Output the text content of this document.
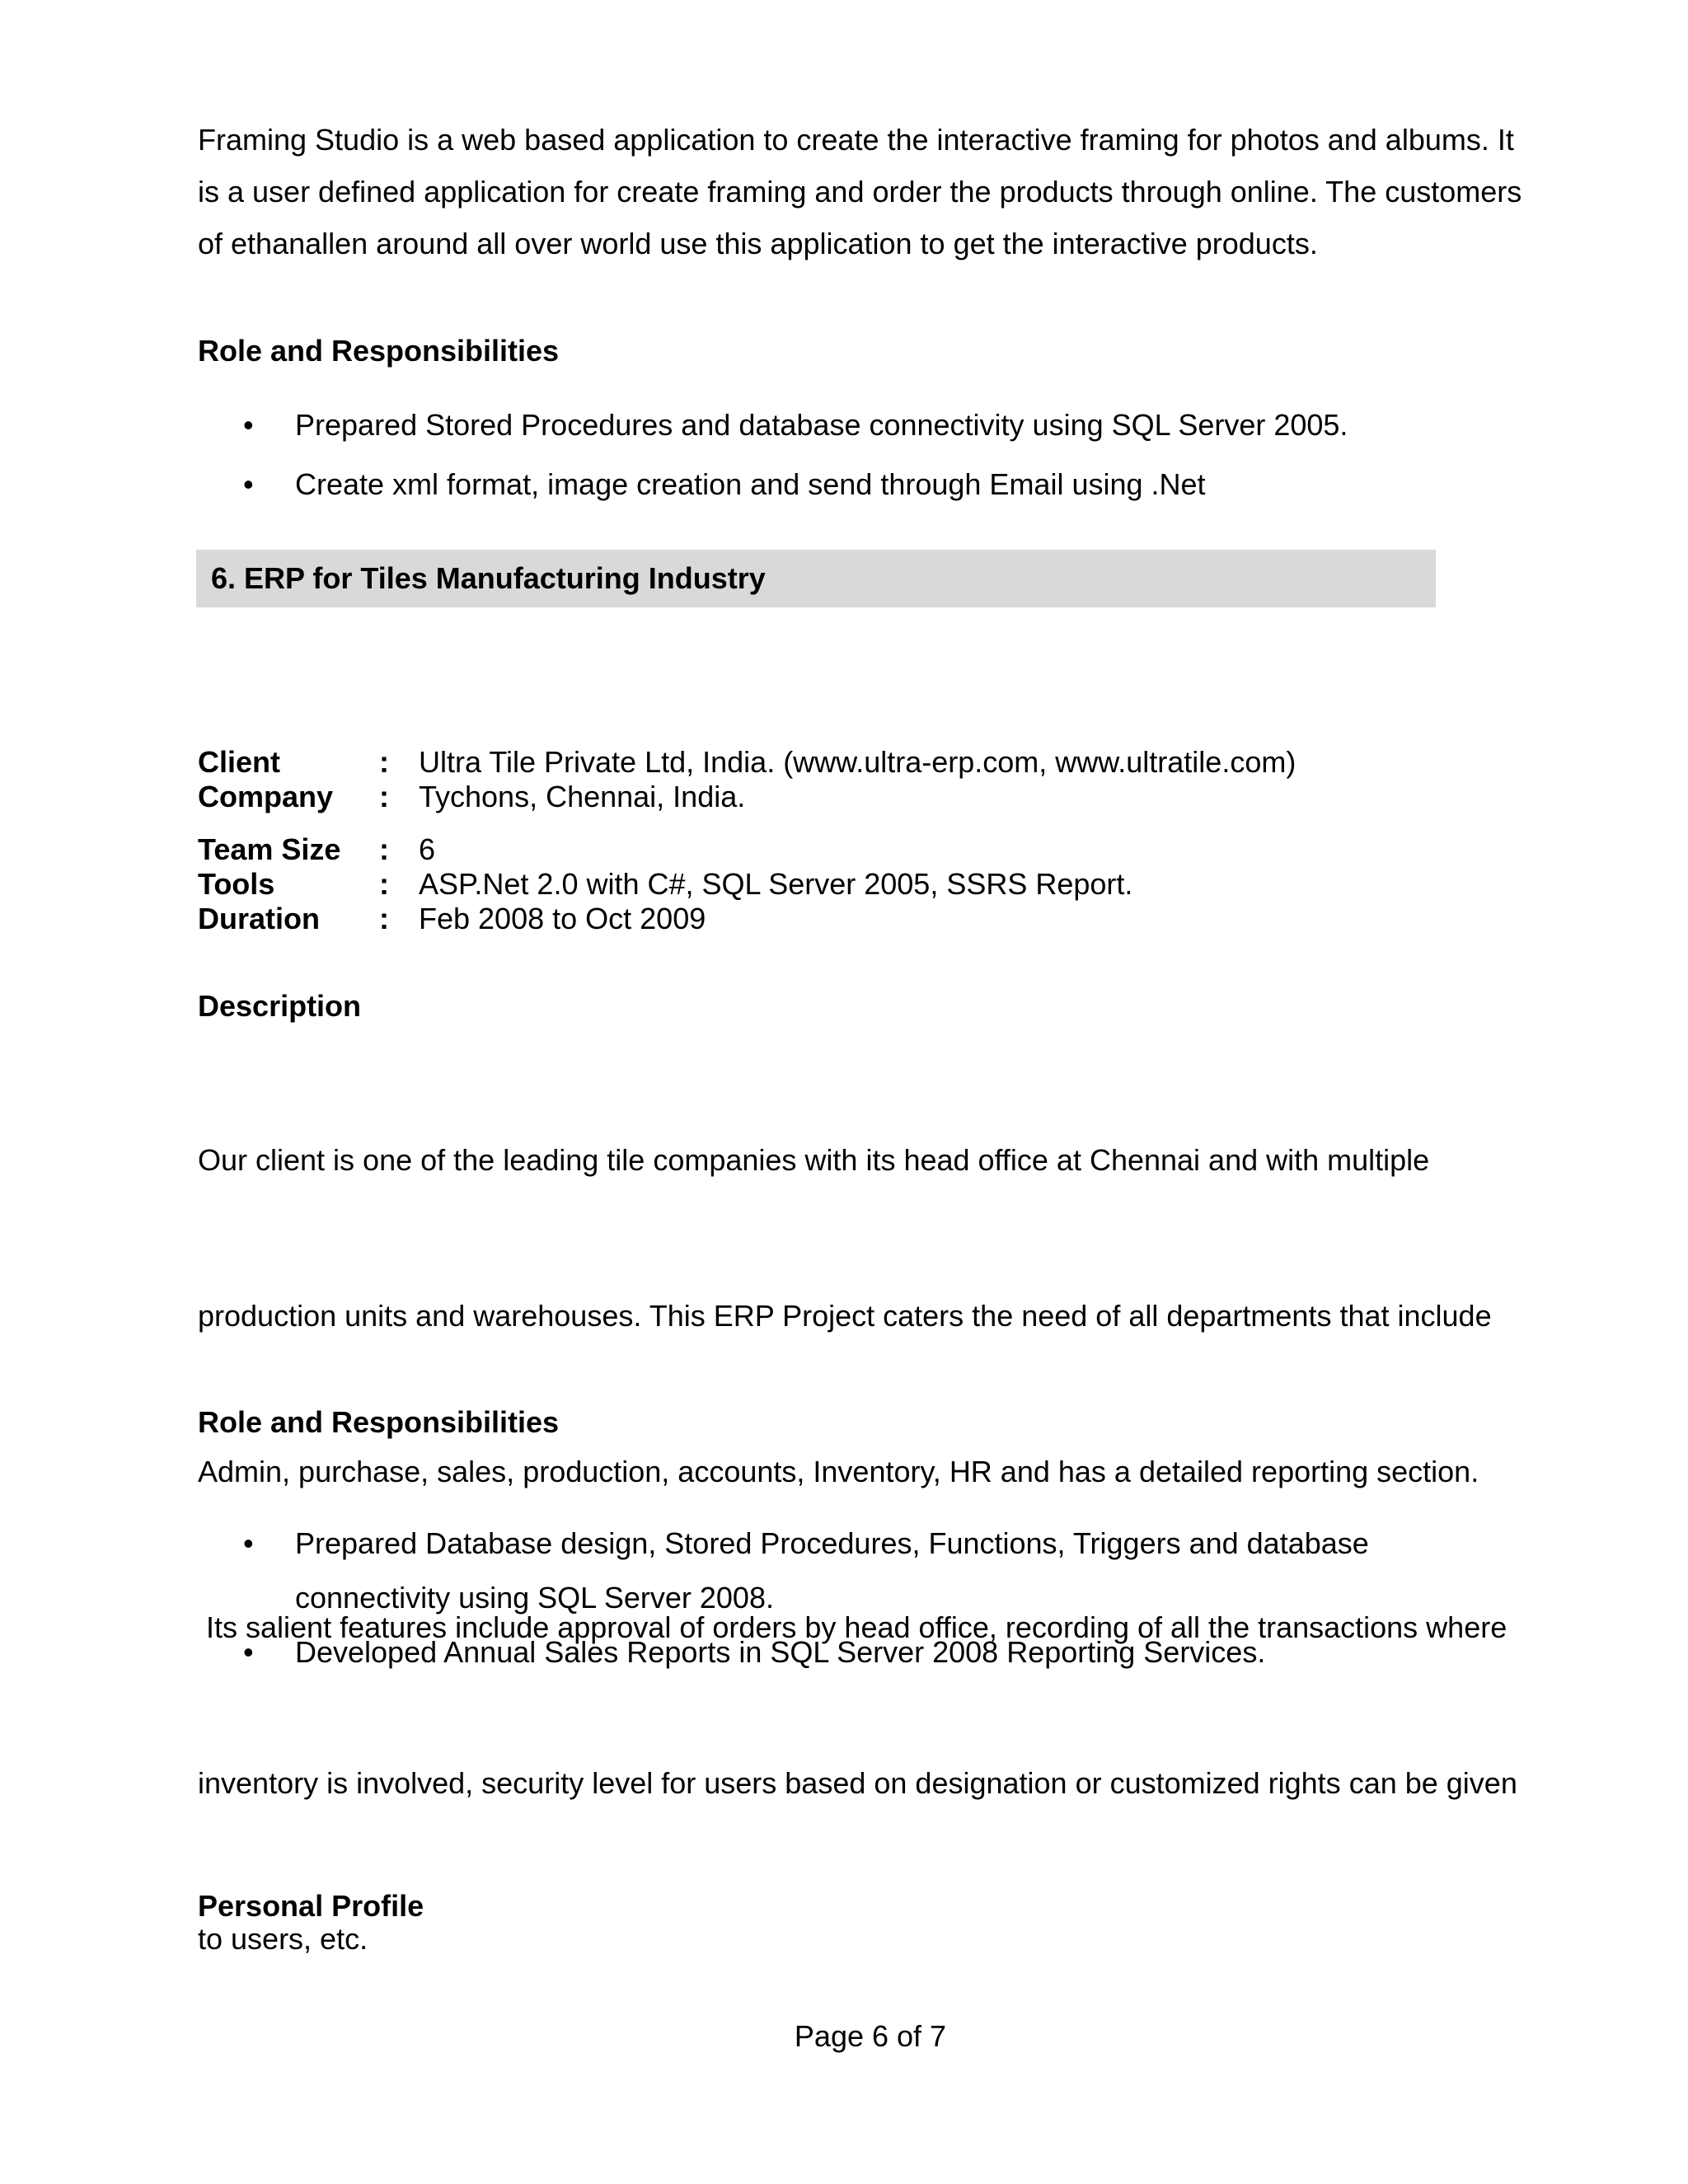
Framing Studio is a web based application to create the interactive framing for photos and albums. It
is a user defined application for create framing and order the products through online. The customers
of ethanallen around all over world use this application to get the interactive products.
Role and Responsibilities
• Prepared Stored Procedures and database connectivity using SQL Server 2005.
• Create xml format, image creation and send through Email using .Net
6. ERP for Tiles Manufacturing Industry
Client	: Ultra Tile Private Ltd, India. (www.ultra-erp.com, www.ultratile.com)
Company : Tychons, Chennai, India.
Team Size : 6
Tools	: ASP.Net 2.0 with C#, SQL Server 2005, SSRS Report.
Duration : Feb 2008 to Oct 2009
Description

Our client is one of the leading tile companies with its head office at Chennai and with multiple

production units and warehouses. This ERP Project caters the need of all departments that include

Admin, purchase, sales, production, accounts, Inventory, HR and has a detailed reporting section.

Its salient features include approval of orders by head office, recording of all the transactions where

inventory is involved, security level for users based on designation or customized rights can be given

to users, etc.

Role and Responsibilities
• Prepared Database design, Stored Procedures, Functions, Triggers and database
connectivity using SQL Server 2008.
• Developed Annual Sales Reports in SQL Server 2008 Reporting Services.
Personal Profile
Page 6 of 7
